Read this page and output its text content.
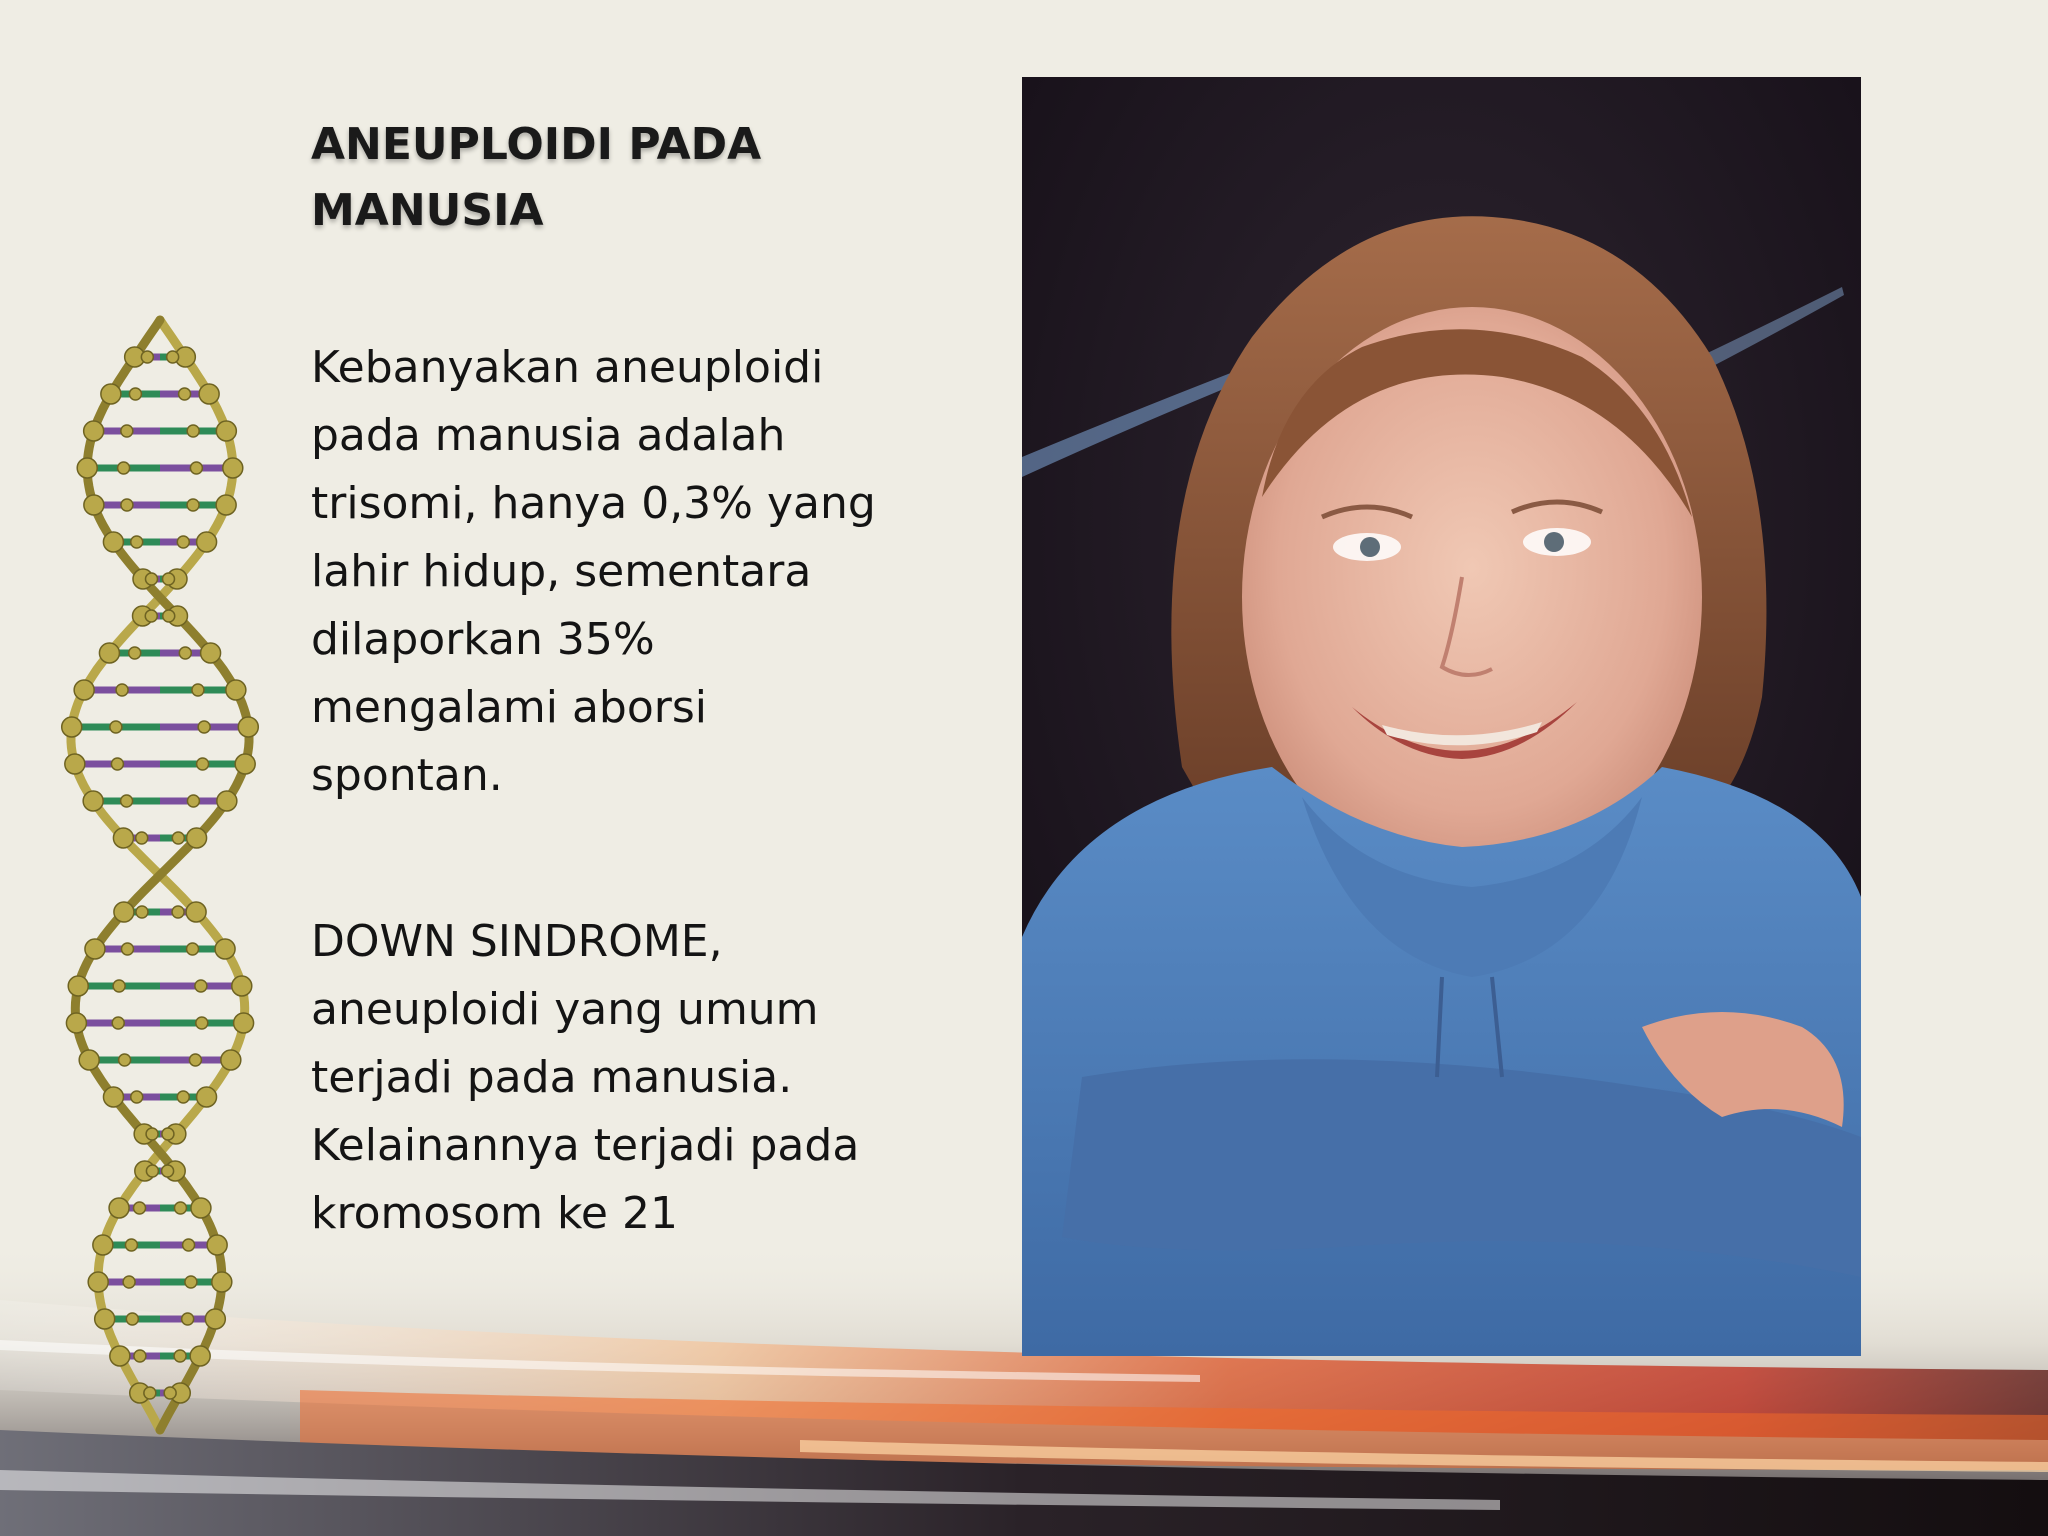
ANEUPLOIDI PADA
MANUSIA

Kebanyakan aneuploidi
pada manusia adalah
trisomi, hanya 0,3% yang
lahir hidup, sementara
dilaporkan 35%
mengalami aborsi
spontan.

DOWN SINDROME,
aneuploidi yang umum
terjadi pada manusia.
Kelainannya terjadi pada
kromosom ke 21
